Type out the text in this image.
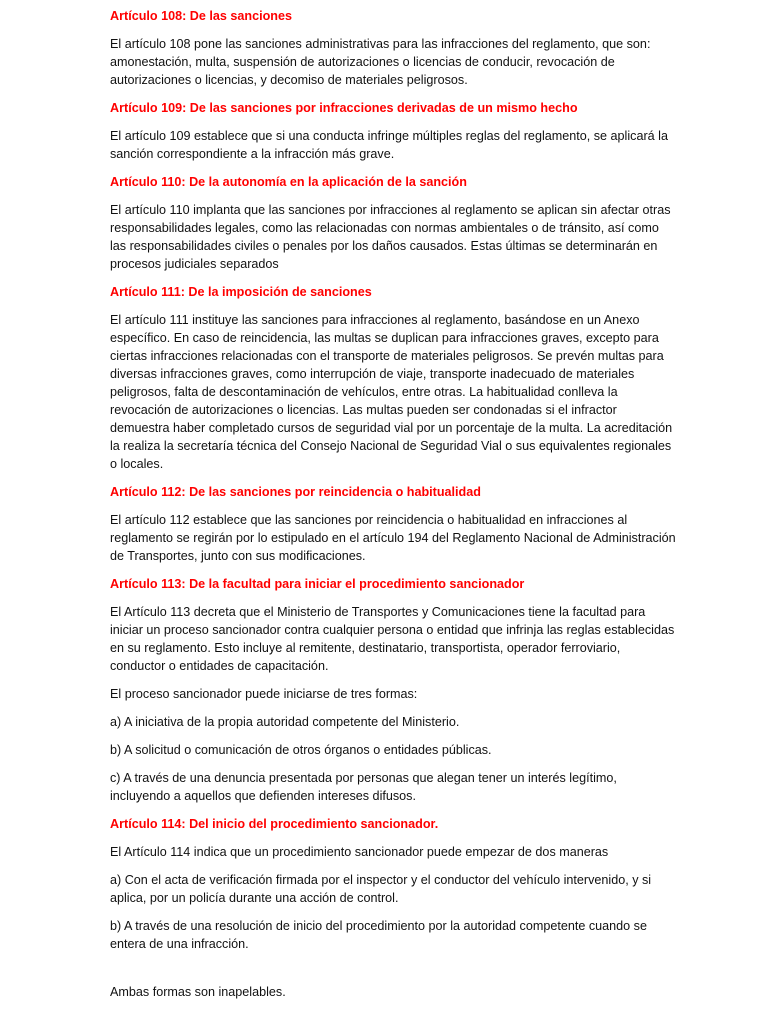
Artículo 108: De las sanciones
El artículo 108 pone las sanciones administrativas para las infracciones del reglamento, que son: amonestación, multa, suspensión de autorizaciones o licencias de conducir, revocación de autorizaciones o licencias, y decomiso de materiales peligrosos.
Artículo 109: De las sanciones por infracciones derivadas de un mismo hecho
El artículo 109 establece que si una conducta infringe múltiples reglas del reglamento, se aplicará la sanción correspondiente a la infracción más grave.
Artículo 110: De la autonomía en la aplicación de la sanción
El artículo 110 implanta que las sanciones por infracciones al reglamento se aplican sin afectar otras responsabilidades legales, como las relacionadas con normas ambientales o de tránsito, así como las responsabilidades civiles o penales por los daños causados. Estas últimas se determinarán en procesos judiciales separados
Artículo 111: De la imposición de sanciones
El artículo 111 instituye las sanciones para infracciones al reglamento, basándose en un Anexo específico. En caso de reincidencia, las multas se duplican para infracciones graves, excepto para ciertas infracciones relacionadas con el transporte de materiales peligrosos. Se prevén multas para diversas infracciones graves, como interrupción de viaje, transporte inadecuado de materiales peligrosos, falta de descontaminación de vehículos, entre otras. La habitualidad conlleva la revocación de autorizaciones o licencias. Las multas pueden ser condonadas si el infractor demuestra haber completado cursos de seguridad vial por un porcentaje de la multa. La acreditación la realiza la secretaría técnica del Consejo Nacional de Seguridad Vial o sus equivalentes regionales o locales.
Artículo 112: De las sanciones por reincidencia o habitualidad
El artículo 112 establece que las sanciones por reincidencia o habitualidad en infracciones al reglamento se regirán por lo estipulado en el artículo 194 del Reglamento Nacional de Administración de Transportes, junto con sus modificaciones.
Artículo 113: De la facultad para iniciar el procedimiento sancionador
El Artículo 113 decreta que el Ministerio de Transportes y Comunicaciones tiene la facultad para iniciar un proceso sancionador contra cualquier persona o entidad que infrinja las reglas establecidas en su reglamento. Esto incluye al remitente, destinatario, transportista, operador ferroviario, conductor o entidades de capacitación.
El proceso sancionador puede iniciarse de tres formas:
a) A iniciativa de la propia autoridad competente del Ministerio.
b) A solicitud o comunicación de otros órganos o entidades públicas.
c) A través de una denuncia presentada por personas que alegan tener un interés legítimo, incluyendo a aquellos que defienden intereses difusos.
Artículo 114: Del inicio del procedimiento sancionador.
El Artículo 114 indica que un procedimiento sancionador puede empezar de dos maneras
a) Con el acta de verificación firmada por el inspector y el conductor del vehículo intervenido, y si aplica, por un policía durante una acción de control.
b) A través de una resolución de inicio del procedimiento por la autoridad competente cuando se entera de una infracción.
Ambas formas son inapelables.
